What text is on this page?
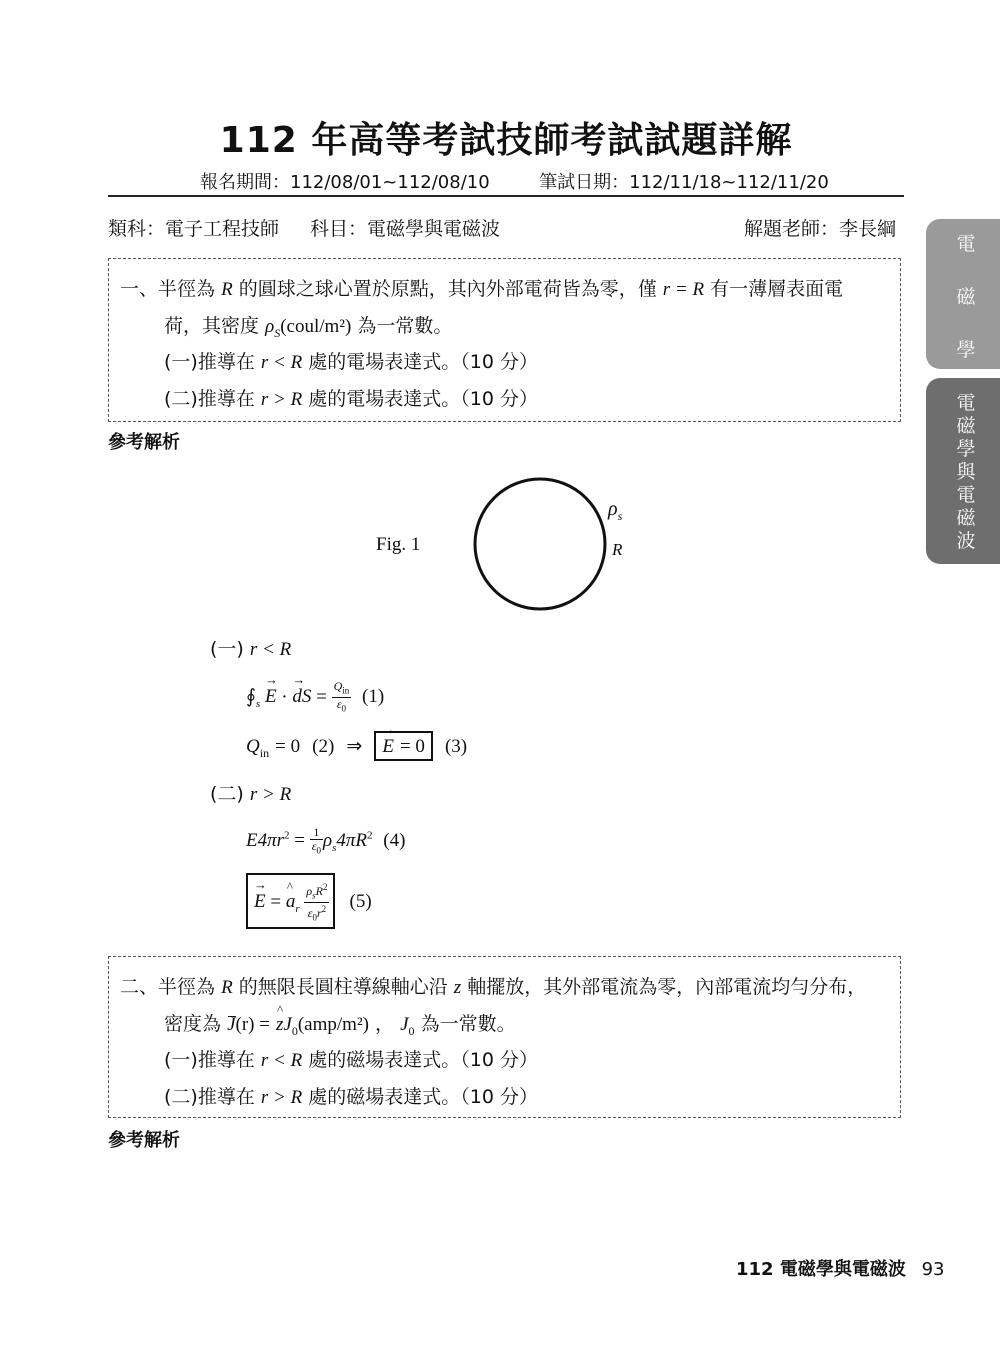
112 年高等考試技師考試試題詳解
報名期間：112/08/01~112/08/10	筆試日期：112/11/18~112/11/20
類科：電子工程技師 科目：電磁學與電磁波	解題老師：李長綱
電
磁
學
電
磁
學
與
電
磁
波
一、半徑為 R 的圓球之球心置於原點，其內外部電荷皆為零，僅 r = R 有一薄層表面電
荷，其密度 $\rho_S(coul/m^2)$ 為一常數。
(一)推導在 r < R 處的電場表達式。（10 分）
(二)推導在 r > R 處的電場表達式。（10 分）
參考解析
Fig. 1
$\rho_s$
R
(一) r < R
$∮_s \to E$ · → dS = $\frac{Q_{in}}{\varepsilon_0} (1)$
$Q_{in} = 0$ (2) ⇒ → E = 0 (3)
(二) r > R
$E4\pi r^2 = \frac{1}{\varepsilon_0} \rho_s4\pi R^2$ (4)
→ E = ^ $a_r \frac{\rho_sR^2}{\varepsilon_0r^2} (5)$
二、半徑為 R 的無限長圓柱導線軸心沿 z 軸擺放，其外部電流為零，內部電流均勻分布，
密度為 J(r) = ^ $zJ_0(amp/m^2)$ ， $J_0$ 為一常數。
(一)推導在 r < R 處的磁場表達式。（10 分）
(二)推導在 r > R 處的磁場表達式。（10 分）
參考解析
112 電磁學與電磁波 93
